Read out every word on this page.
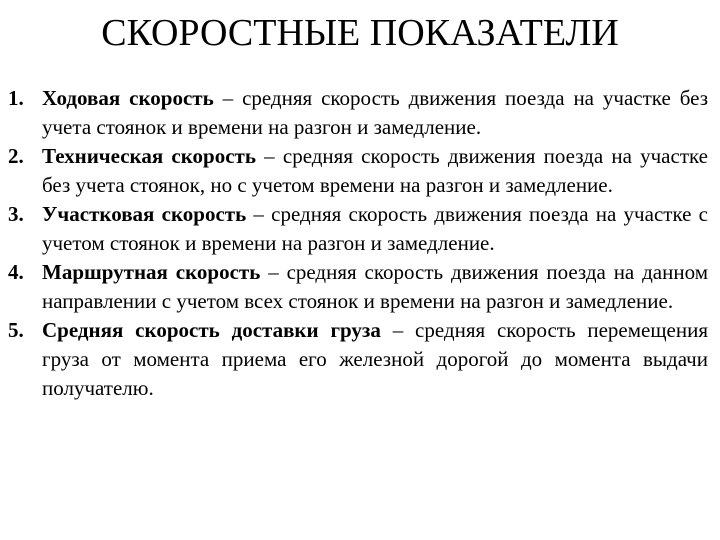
СКОРОСТНЫЕ ПОКАЗАТЕЛИ
1. Ходовая скорость – средняя скорость движения поезда на участке без учета стоянок и времени на разгон и замедление.
2. Техническая скорость – средняя скорость движения поезда на участке без учета стоянок, но с учетом времени на разгон и замедление.
3. Участковая скорость – средняя скорость движения поезда на участке с учетом стоянок и времени на разгон и замедление.
4. Маршрутная скорость – средняя скорость движения поезда на данном направлении с учетом всех стоянок и времени на разгон и замедление.
5. Средняя скорость доставки груза – средняя скорость перемещения груза от момента приема его железной дорогой до момента выдачи получателю.
